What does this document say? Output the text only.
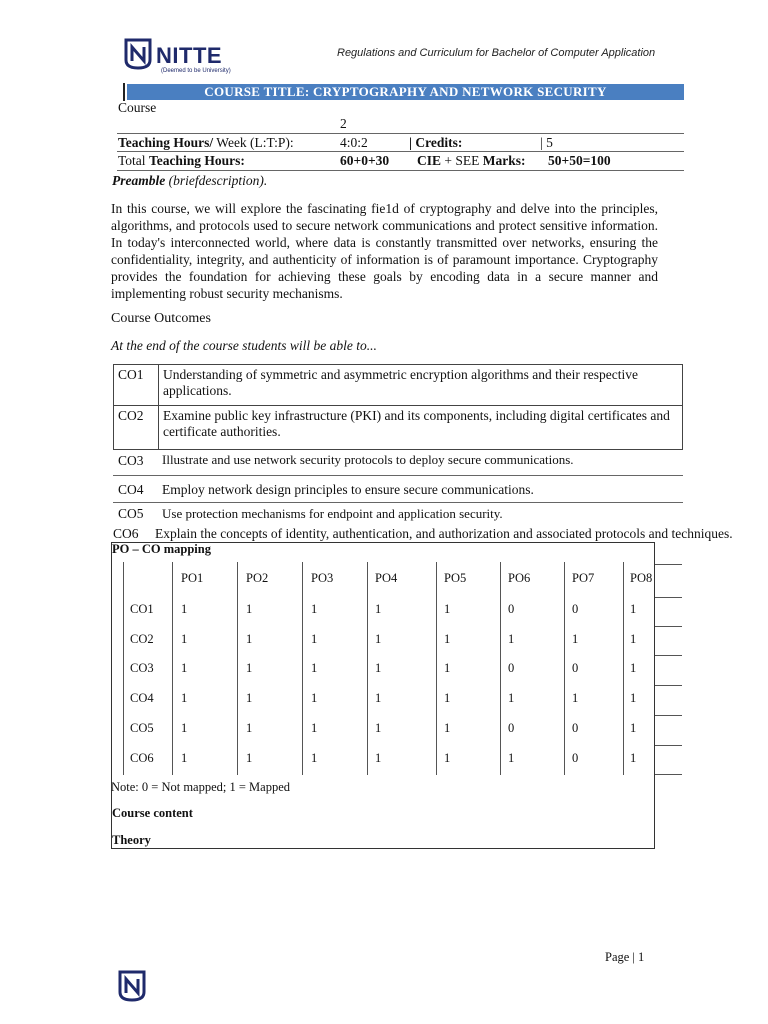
NITTE
(Deemed to be University)
Regulations and Curriculum for Bachelor of Computer Application
COURSE TITLE: CRYPTOGRAPHY AND NETWORK SECURITY
Course
2
Teaching Hours/ Week (L:T:P):	4:0:2	| Credits:	| 5
Total Teaching Hours:	60+0+30 CIE + SEE Marks: 50+50=100
Preamble (briefdescription).
In this course, we will explore the fascinating fie1d of cryptography and delve into the principles, algorithms, and protocols used to secure network communications and protect sensitive information. In today's interconnected world, where data is constantly transmitted over networks, ensuring the confidentiality, integrity, and authenticity of information is of paramount importance. Cryptography provides the foundation for achieving these goals by encoding data in a secure manner and implementing robust security mechanisms.
Course Outcomes
At the end of the course students will be able to...
CO1	Understanding of symmetric and asymmetric encryption algorithms and their respective applications.
CO2	Examine public key infrastructure (PKI) and its components, including digital certificates and certificate authorities.
CO3 Illustrate and use network security protocols to deploy secure communications.
CO4 Employ network design principles to ensure secure communications.
CO5 Use protection mechanisms for endpoint and application security.
CO6 Explain the concepts of identity, authentication, and authorization and associated protocols and techniques.
PO – CO mapping
PO1	PO2	PO3	PO4	PO5	PO6	PO7	PO8
CO1 1	1	1	1	1	0	0	1
CO2 1	1	1	1	1	1	1	1
CO3 1	1	1	1	1	0	0	1
CO4 1	1	1	1	1	1	1	1
CO5 1	1	1	1	1	0	0	1
CO6 1	1	1	1	1	1	0	1
Note: 0 = Not mapped; 1 = Mapped
Course content
Theory
Page | 1
